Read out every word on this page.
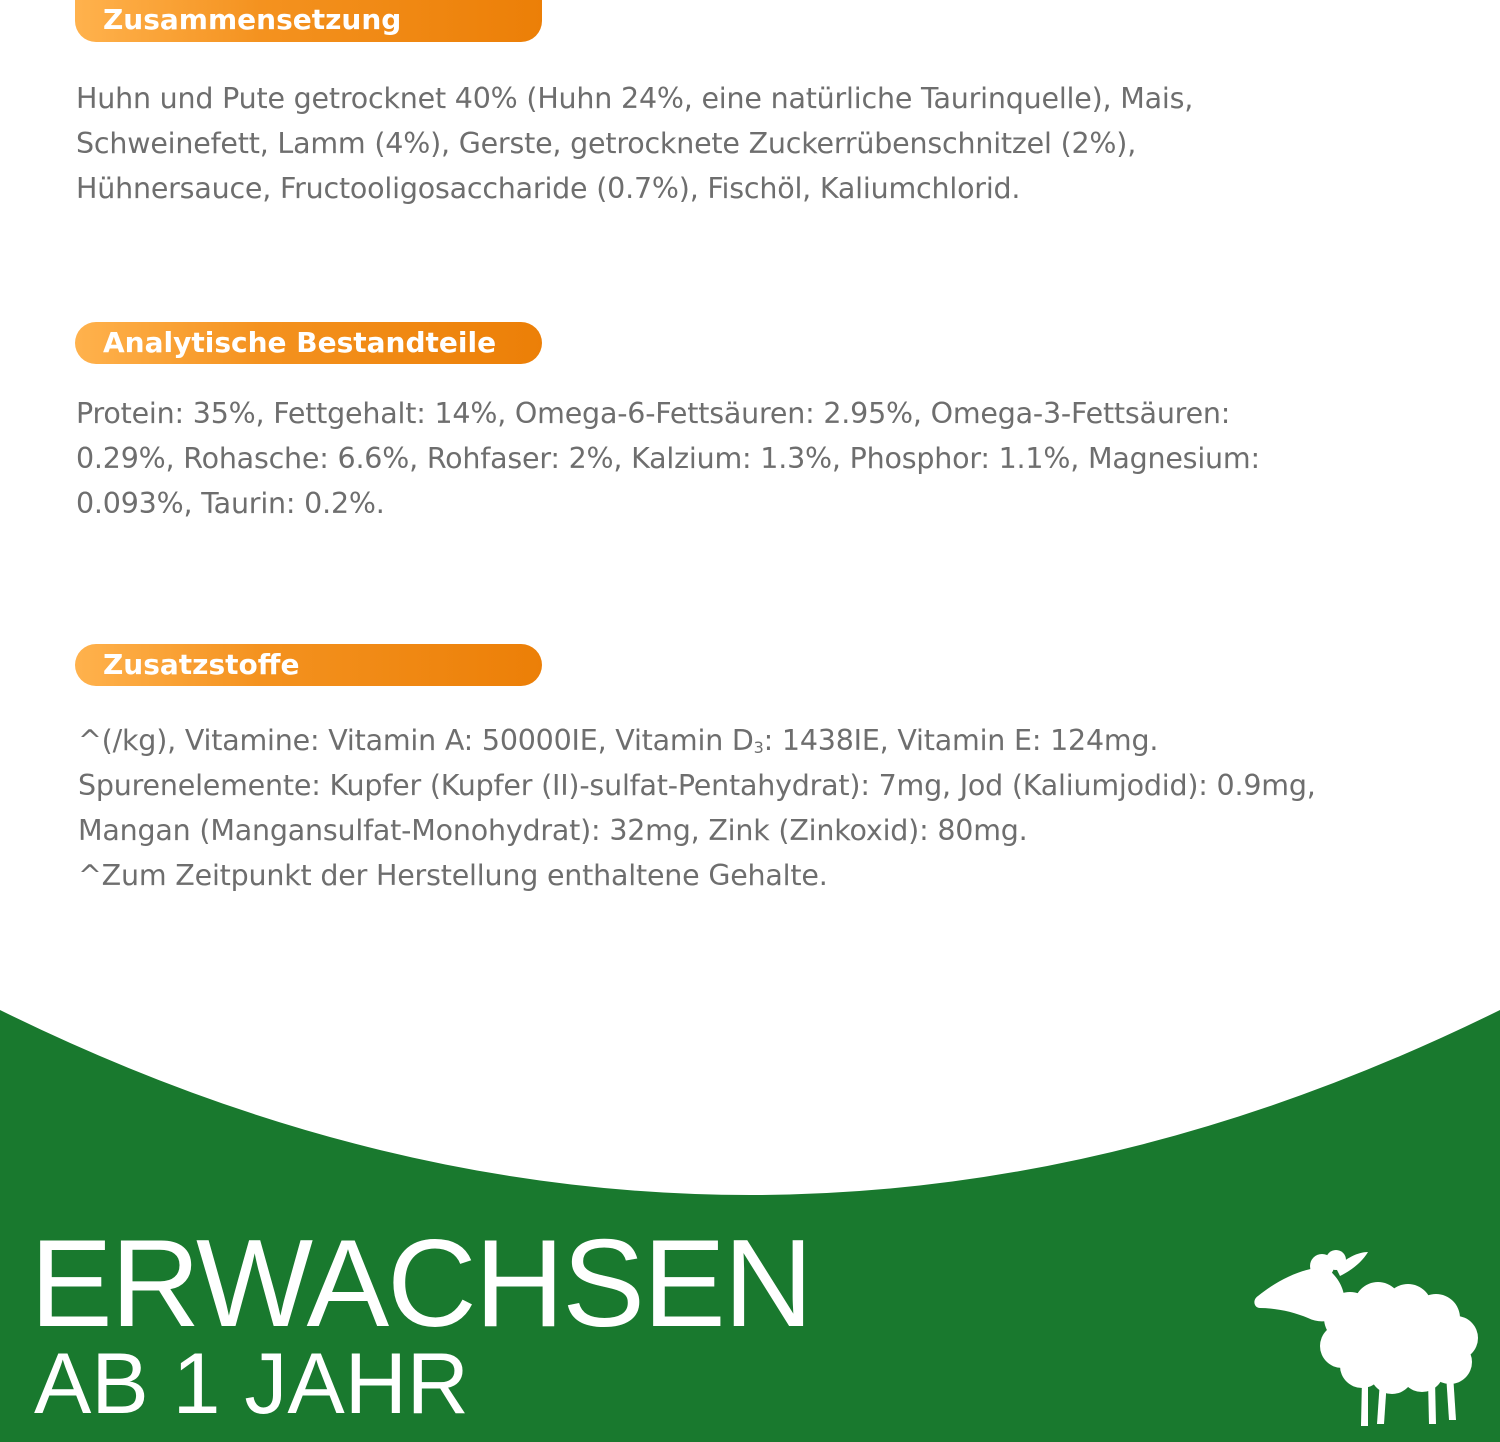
Zusammensetzung

Huhn und Pute getrocknet 40% (Huhn 24%, eine natürliche Taurinquelle), Mais,

Schweinefett, Lamm (4%), Gerste, getrocknete Zuckerrübenschnitzel (2%),

Hühnersauce, Fructooligosaccharide (0.7%), Fischöl, Kaliumchlorid.

Analytische Bestandteile

Protein: 35%, Fettgehalt: 14%, Omega-6-Fettsäuren: 2.95%, Omega-3-Fettsäuren:

0.29%, Rohasche: 6.6%, Rohfaser: 2%, Kalzium: 1.3%, Phosphor: 1.1%, Magnesium:

0.093%, Taurin: 0.2%.

Zusatzstoffe

^(/kg), Vitamine: Vitamin A: 50000IE, Vitamin D3: 1438IE, Vitamin E: 124mg.

Spurenelemente: Kupfer (Kupfer (II)-sulfat-Pentahydrat): 7mg, Jod (Kaliumjodid): 0.9mg,

Mangan (Mangansulfat-Monohydrat): 32mg, Zink (Zinkoxid): 80mg.

^Zum Zeitpunkt der Herstellung enthaltene Gehalte.

ERWACHSEN
AB 1 JAHR
